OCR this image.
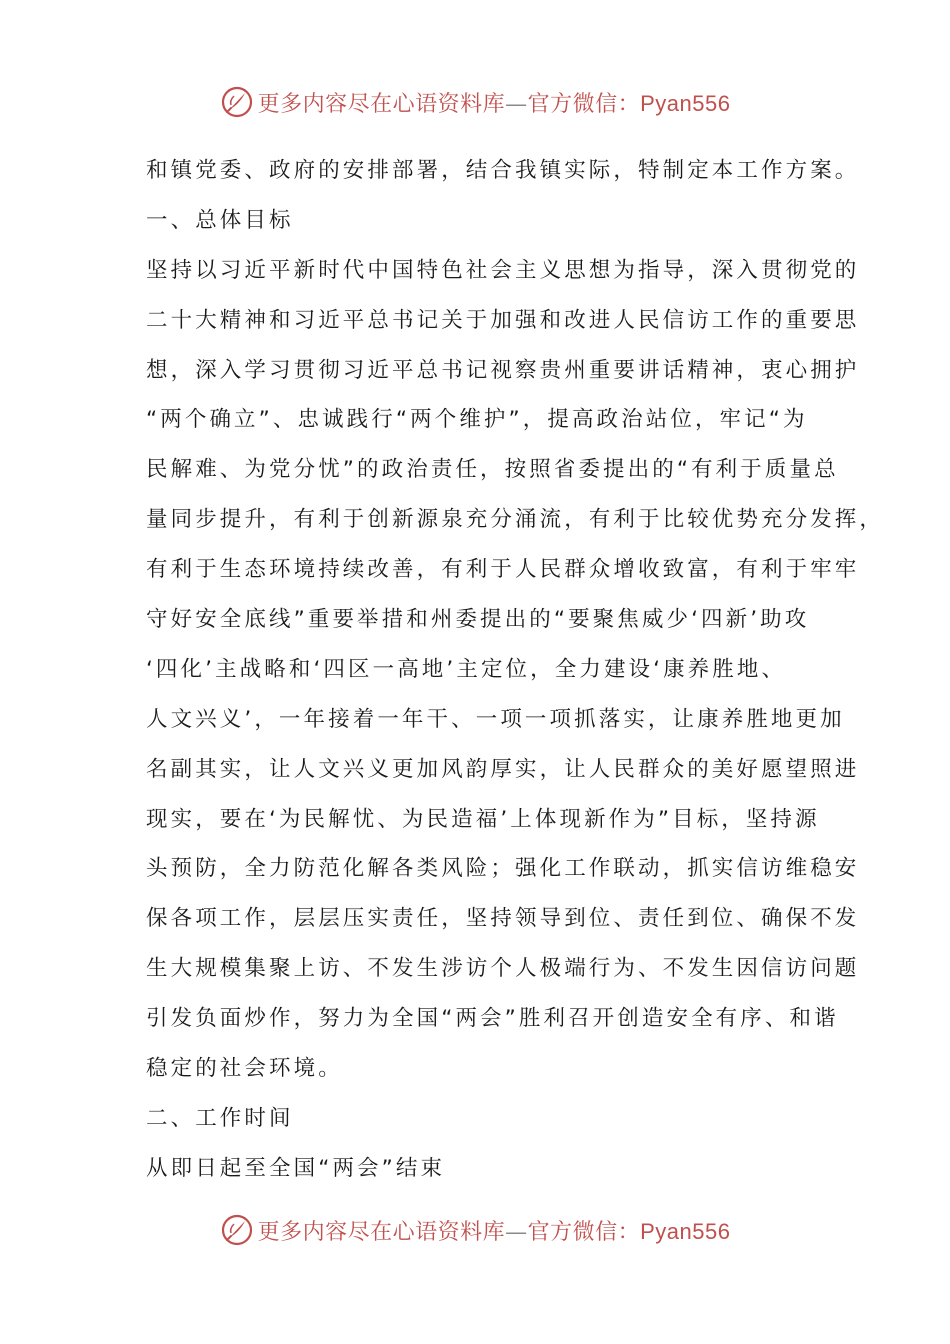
更多内容尽在心语资料库—官方微信：Pyan556
和镇党委、政府的安排部署，结合我镇实际，特制定本工作方案。
一、总体目标
坚持以习近平新时代中国特色社会主义思想为指导，深入贯彻党的
二十大精神和习近平总书记关于加强和改进人民信访工作的重要思
想，深入学习贯彻习近平总书记视察贵州重要讲话精神，衷心拥护
“两个确立”、忠诚践行“两个维护”，提高政治站位，牢记“为
民解难、为党分忧”的政治责任，按照省委提出的“有利于质量总
量同步提升，有利于创新源泉充分涌流，有利于比较优势充分发挥，
有利于生态环境持续改善，有利于人民群众增收致富，有利于牢牢
守好安全底线”重要举措和州委提出的“要聚焦威少‘四新’助攻
‘四化’主战略和‘四区一高地’主定位，全力建设‘康养胜地、
人文兴义’，一年接着一年干、一项一项抓落实，让康养胜地更加
名副其实，让人文兴义更加风韵厚实，让人民群众的美好愿望照进
现实，要在‘为民解忧、为民造福’上体现新作为”目标，坚持源
头预防，全力防范化解各类风险；强化工作联动，抓实信访维稳安
保各项工作，层层压实责任，坚持领导到位、责任到位、确保不发
生大规模集聚上访、不发生涉访个人极端行为、不发生因信访问题
引发负面炒作，努力为全国“两会”胜利召开创造安全有序、和谐
稳定的社会环境。
二、工作时间
从即日起至全国“两会”结束
更多内容尽在心语资料库—官方微信：Pyan556
